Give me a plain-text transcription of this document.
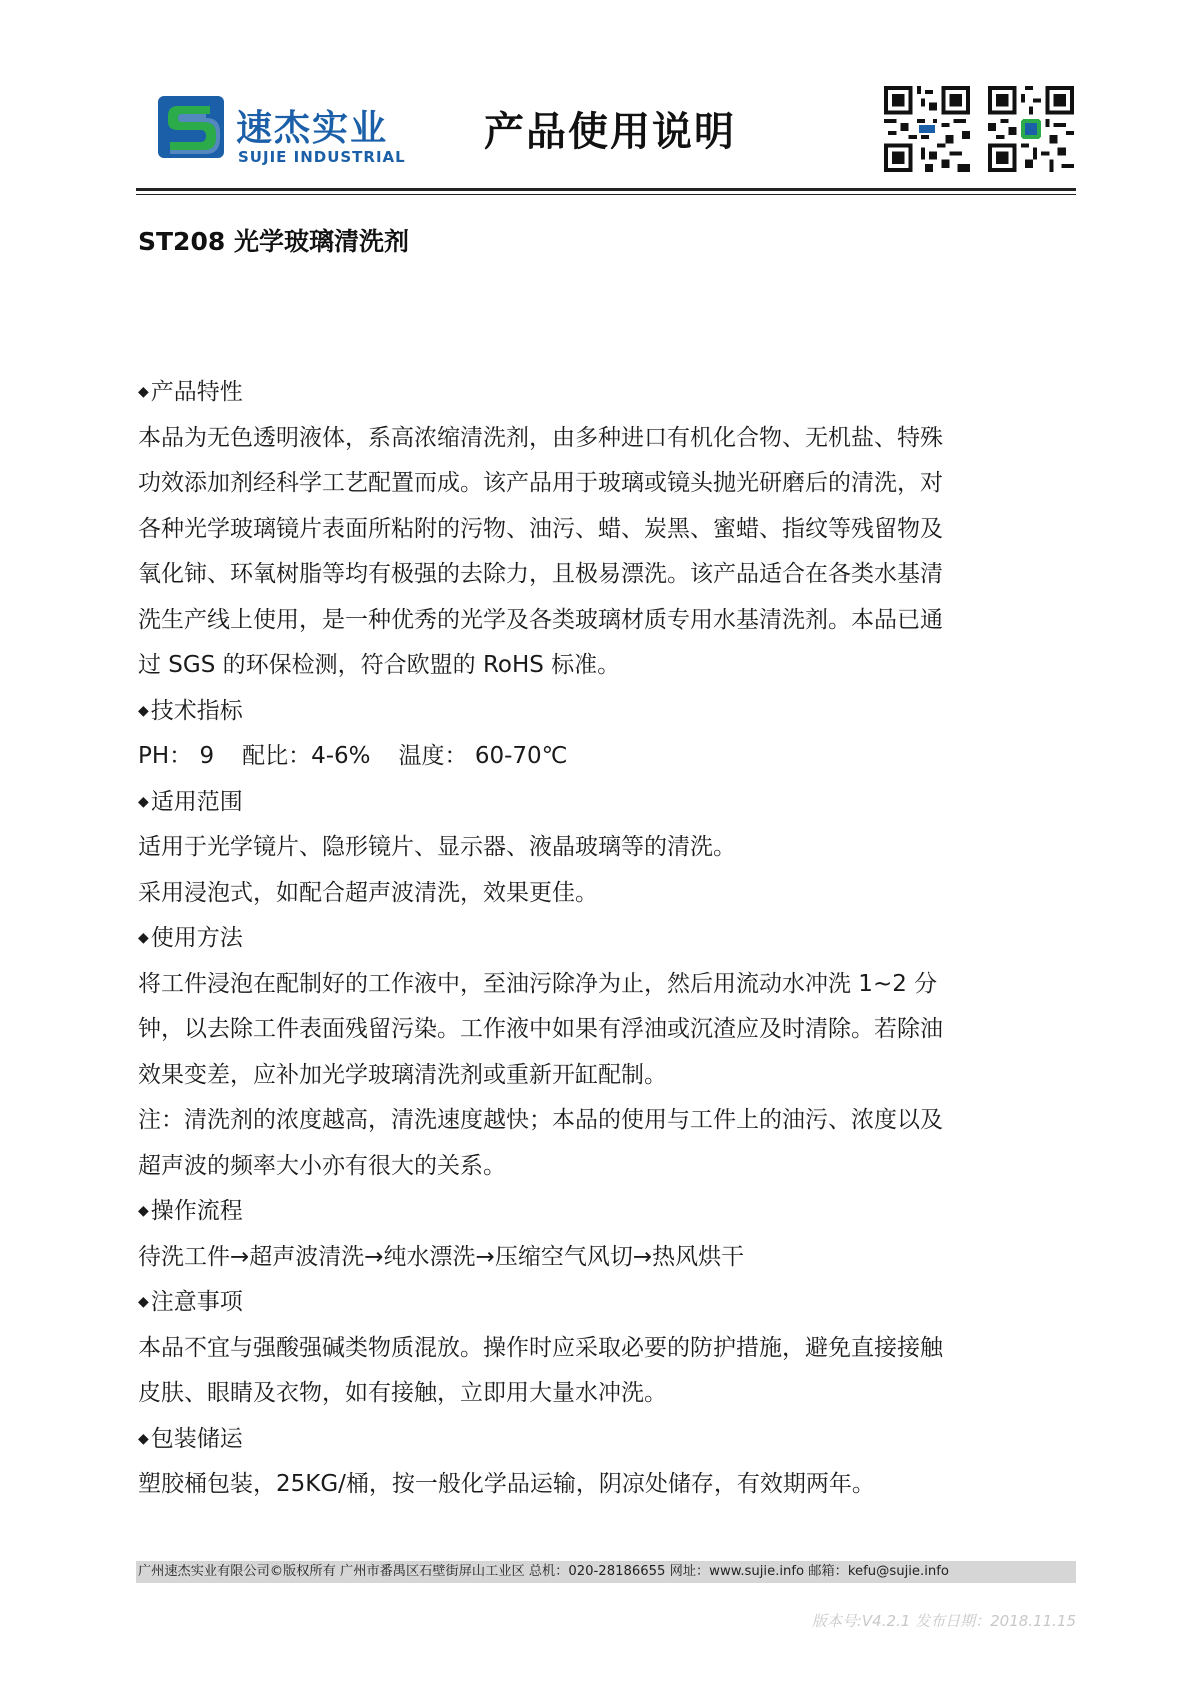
速杰实业
SUJIE INDUSTRIAL
产品使用说明
ST208 光学玻璃清洗剂
◆产品特性
本品为无色透明液体，系高浓缩清洗剂，由多种进口有机化合物、无机盐、特殊
功效添加剂经科学工艺配置而成。该产品用于玻璃或镜头抛光研磨后的清洗，对
各种光学玻璃镜片表面所粘附的污物、油污、蜡、炭黑、蜜蜡、指纹等残留物及
氧化铈、环氧树脂等均有极强的去除力，且极易漂洗。该产品适合在各类水基清
洗生产线上使用，是一种优秀的光学及各类玻璃材质专用水基清洗剂。本品已通
过 SGS 的环保检测，符合欧盟的 RoHS 标准。
◆技术指标
PH： 9 配比：4-6% 温度： 60-70℃
◆适用范围
适用于光学镜片、隐形镜片、显示器、液晶玻璃等的清洗。
采用浸泡式，如配合超声波清洗，效果更佳。
◆使用方法
将工件浸泡在配制好的工作液中，至油污除净为止，然后用流动水冲洗 1~2 分
钟，以去除工件表面残留污染。工作液中如果有浮油或沉渣应及时清除。若除油
效果变差，应补加光学玻璃清洗剂或重新开缸配制。
注：清洗剂的浓度越高，清洗速度越快；本品的使用与工件上的油污、浓度以及
超声波的频率大小亦有很大的关系。
◆操作流程
待洗工件→超声波清洗→纯水漂洗→压缩空气风切→热风烘干
◆注意事项
本品不宜与强酸强碱类物质混放。操作时应采取必要的防护措施，避免直接接触
皮肤、眼睛及衣物，如有接触，立即用大量水冲洗。
◆包装储运
塑胶桶包装，25KG/桶，按一般化学品运输，阴凉处储存，有效期两年。
广州速杰实业有限公司©版权所有 广州市番禺区石壁街屏山工业区 总机：020-28186655 网址：www.sujie.info 邮箱：kefu@sujie.info
版本号:V4.2.1 发布日期：2018.11.15
